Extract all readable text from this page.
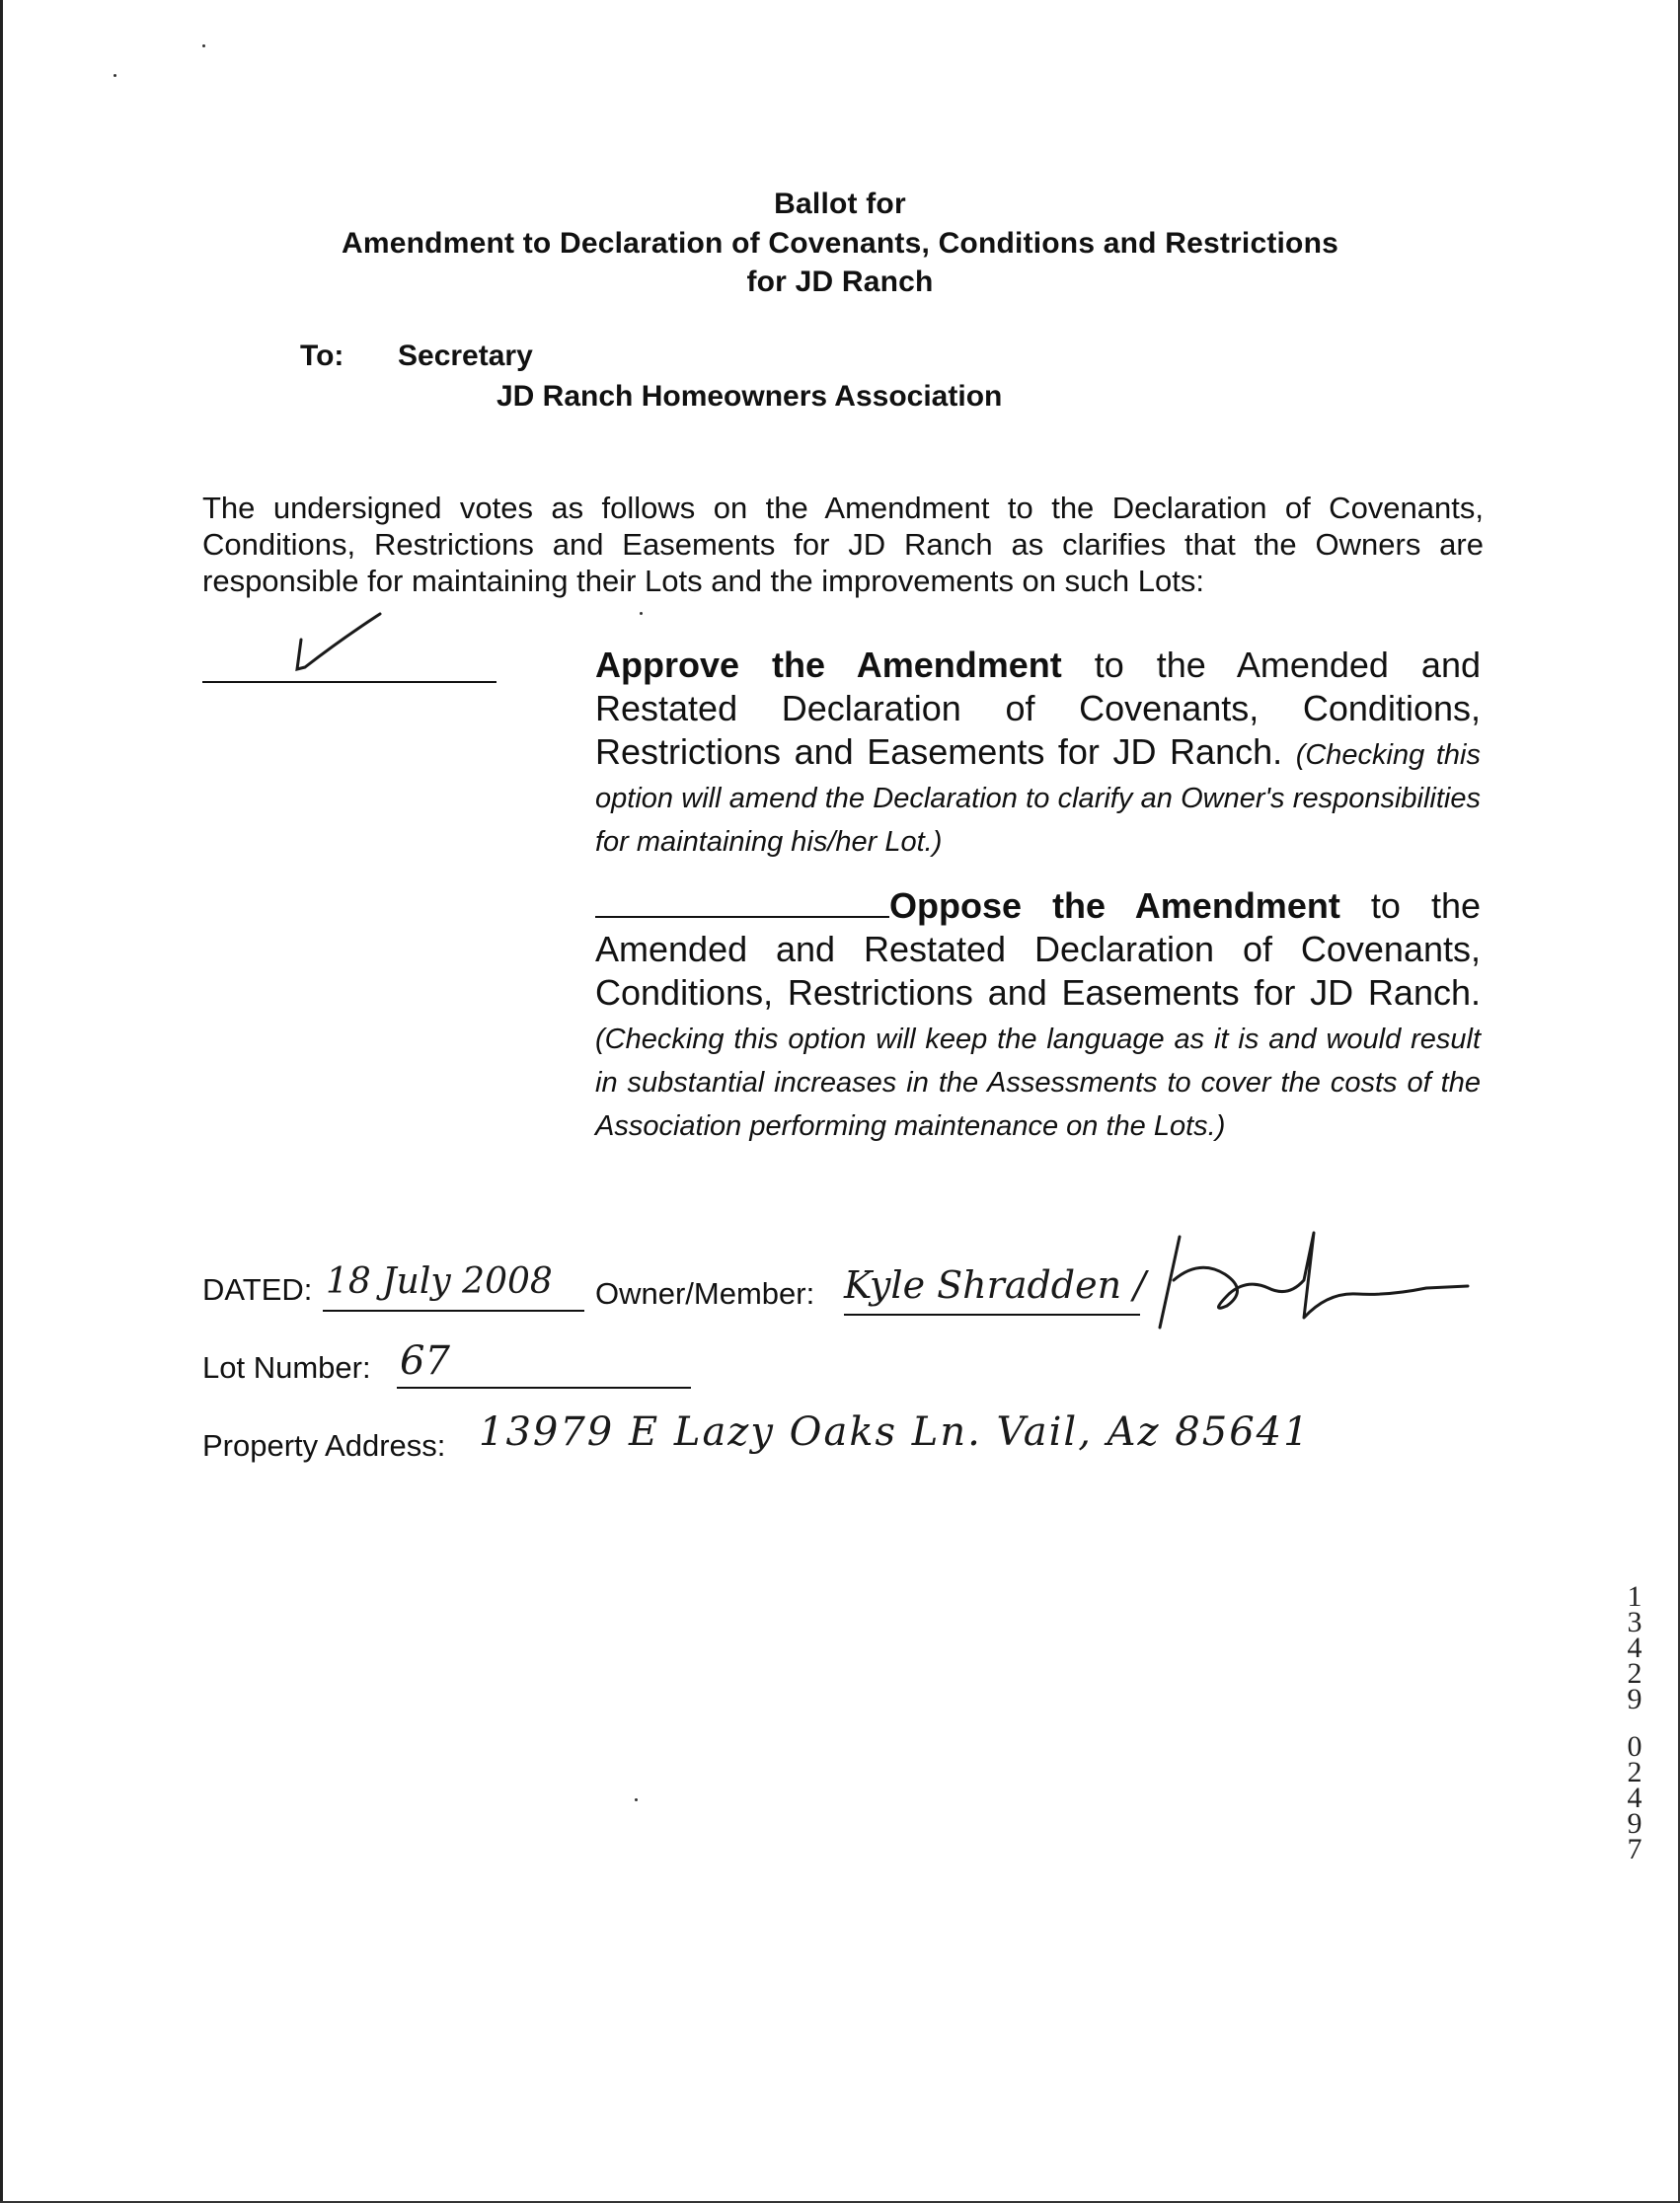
Ballot for
Amendment to Declaration of Covenants, Conditions and Restrictions
for JD Ranch
To: Secretary
JD Ranch Homeowners Association
The undersigned votes as follows on the Amendment to the Declaration of Covenants, Conditions, Restrictions and Easements for JD Ranch as clarifies that the Owners are responsible for maintaining their Lots and the improvements on such Lots:
Approve the Amendment to the Amended and Restated Declaration of Covenants, Conditions, Restrictions and Easements for JD Ranch. (Checking this option will amend the Declaration to clarify an Owner's responsibilities for maintaining his/her Lot.)
Oppose the Amendment to the Amended and Restated Declaration of Covenants, Conditions, Restrictions and Easements for JD Ranch. (Checking this option will keep the language as it is and would result in substantial increases in the Assessments to cover the costs of the Association performing maintenance on the Lots.)
DATED: 18 July 2008 Owner/Member: Kyle Shradden /
Lot Number: 67
Property Address: 13979 E Lazy Oaks Ln. Vail, Az 85641
1
3
4
2
9
0
2
4
9
7
